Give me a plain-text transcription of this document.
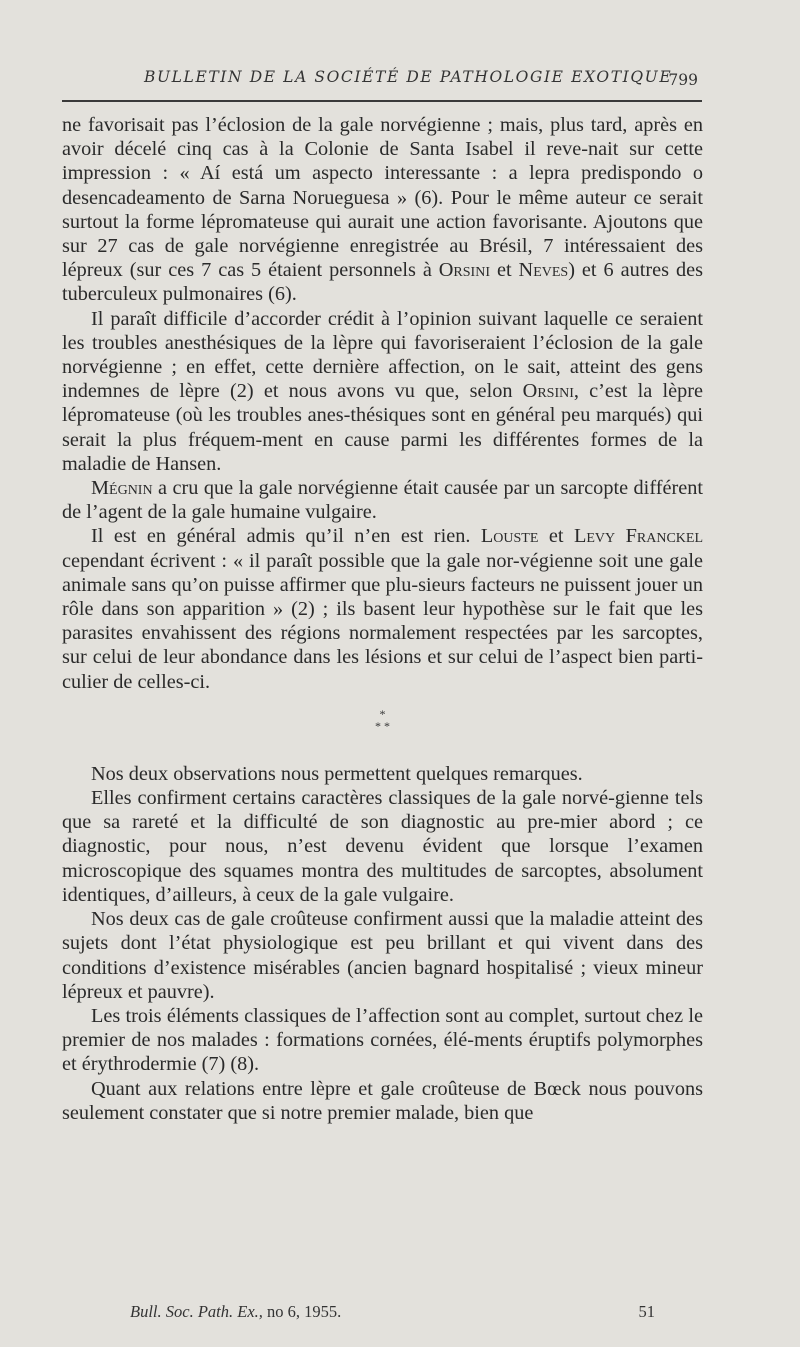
BULLETIN DE LA SOCIÉTÉ DE PATHOLOGIE EXOTIQUE
799

ne favorisait pas l’éclosion de la gale norvégienne ; mais, plus tard, après en avoir décelé cinq cas à la Colonie de Santa Isabel il reve-nait sur cette impression : « Aí está um aspecto interessante : a lepra predispondo o desencadeamento de Sarna Norueguesa » (6). Pour le même auteur ce serait surtout la forme lépromateuse qui aurait une action favorisante. Ajoutons que sur 27 cas de gale norvégienne enregistrée au Brésil, 7 intéressaient des lépreux (sur ces 7 cas 5 étaient personnels à Orsini et Neves) et 6 autres des tuberculeux pulmonaires (6).

Il paraît difficile d’accorder crédit à l’opinion suivant laquelle ce seraient les troubles anesthésiques de la lèpre qui favoriseraient l’éclosion de la gale norvégienne ; en effet, cette dernière affection, on le sait, atteint des gens indemnes de lèpre (2) et nous avons vu que, selon Orsini, c’est la lèpre lépromateuse (où les troubles anes-thésiques sont en général peu marqués) qui serait la plus fréquem-ment en cause parmi les différentes formes de la maladie de Hansen.

Mégnin a cru que la gale norvégienne était causée par un sarcopte différent de l’agent de la gale humaine vulgaire.

Il est en général admis qu’il n’en est rien. Louste et Levy Franckel cependant écrivent : « il paraît possible que la gale nor-végienne soit une gale animale sans qu’on puisse affirmer que plu-sieurs facteurs ne puissent jouer un rôle dans son apparition » (2) ; ils basent leur hypothèse sur le fait que les parasites envahissent des régions normalement respectées par les sarcoptes, sur celui de leur abondance dans les lésions et sur celui de l’aspect bien parti-culier de celles-ci.

*
* *

Nos deux observations nous permettent quelques remarques.

Elles confirment certains caractères classiques de la gale norvé-gienne tels que sa rareté et la difficulté de son diagnostic au pre-mier abord ; ce diagnostic, pour nous, n’est devenu évident que lorsque l’examen microscopique des squames montra des multitudes de sarcoptes, absolument identiques, d’ailleurs, à ceux de la gale vulgaire.

Nos deux cas de gale croûteuse confirment aussi que la maladie atteint des sujets dont l’état physiologique est peu brillant et qui vivent dans des conditions d’existence misérables (ancien bagnard hospitalisé ; vieux mineur lépreux et pauvre).

Les trois éléments classiques de l’affection sont au complet, surtout chez le premier de nos malades : formations cornées, élé-ments éruptifs polymorphes et érythrodermie (7) (8).

Quant aux relations entre lèpre et gale croûteuse de Bœck nous pouvons seulement constater que si notre premier malade, bien que

Bull. Soc. Path. Ex., no 6, 1955.	51
